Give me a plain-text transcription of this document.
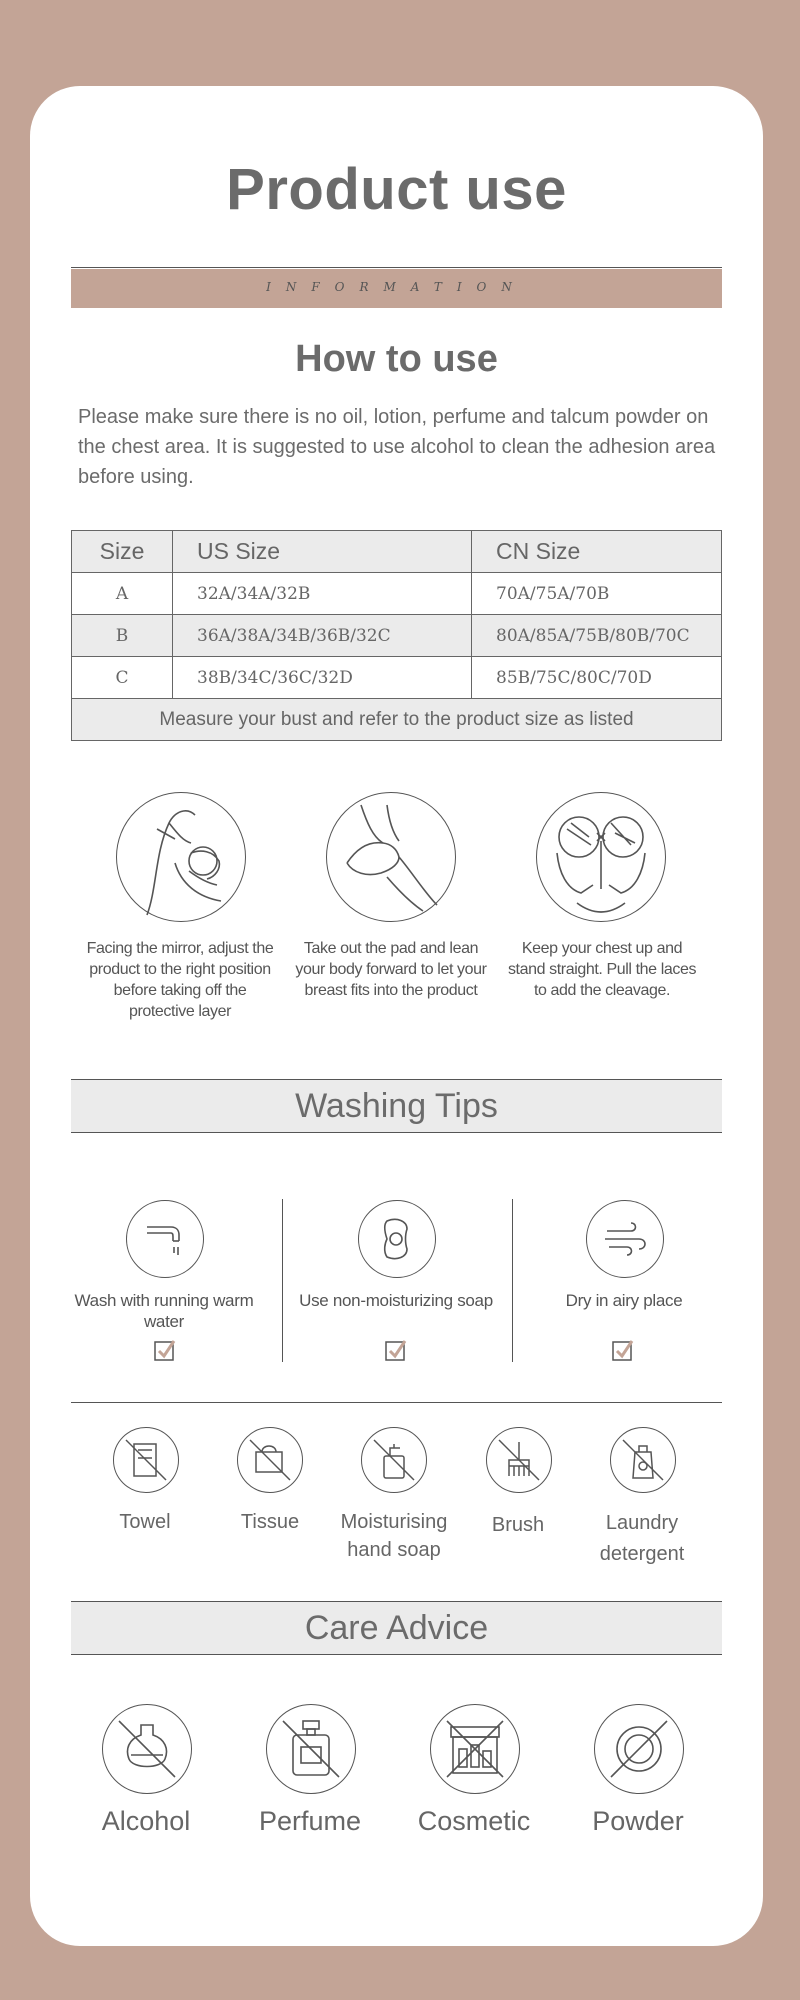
Product use
INFORMATION
How to use
Please make sure there is no oil, lotion, perfume and talcum powder on the chest area. It is suggested to use alcohol to clean the adhesion area before using.
Size	US Size	CN Size
A	32A/34A/32B	70A/75A/70B
B	36A/38A/34B/36B/32C	80A/85A/75B/80B/70C
C	38B/34C/36C/32D	85B/75C/80C/70D
Measure your bust and refer to the product size as listed		
Facing the mirror, adjust the product to the right position before taking off the protective layer
Take out the pad and lean your body forward to let your breast fits into the product
Keep your chest up and stand straight. Pull the laces to add the cleavage.
Washing Tips
Wash with running warm water
Use non-moisturizing soap	Dry in airy place
Towel	Tissue	Moisturising hand soap
Brush	Laundry detergent
Care Advice
Alcohol	Perfume	Cosmetic	Powder
